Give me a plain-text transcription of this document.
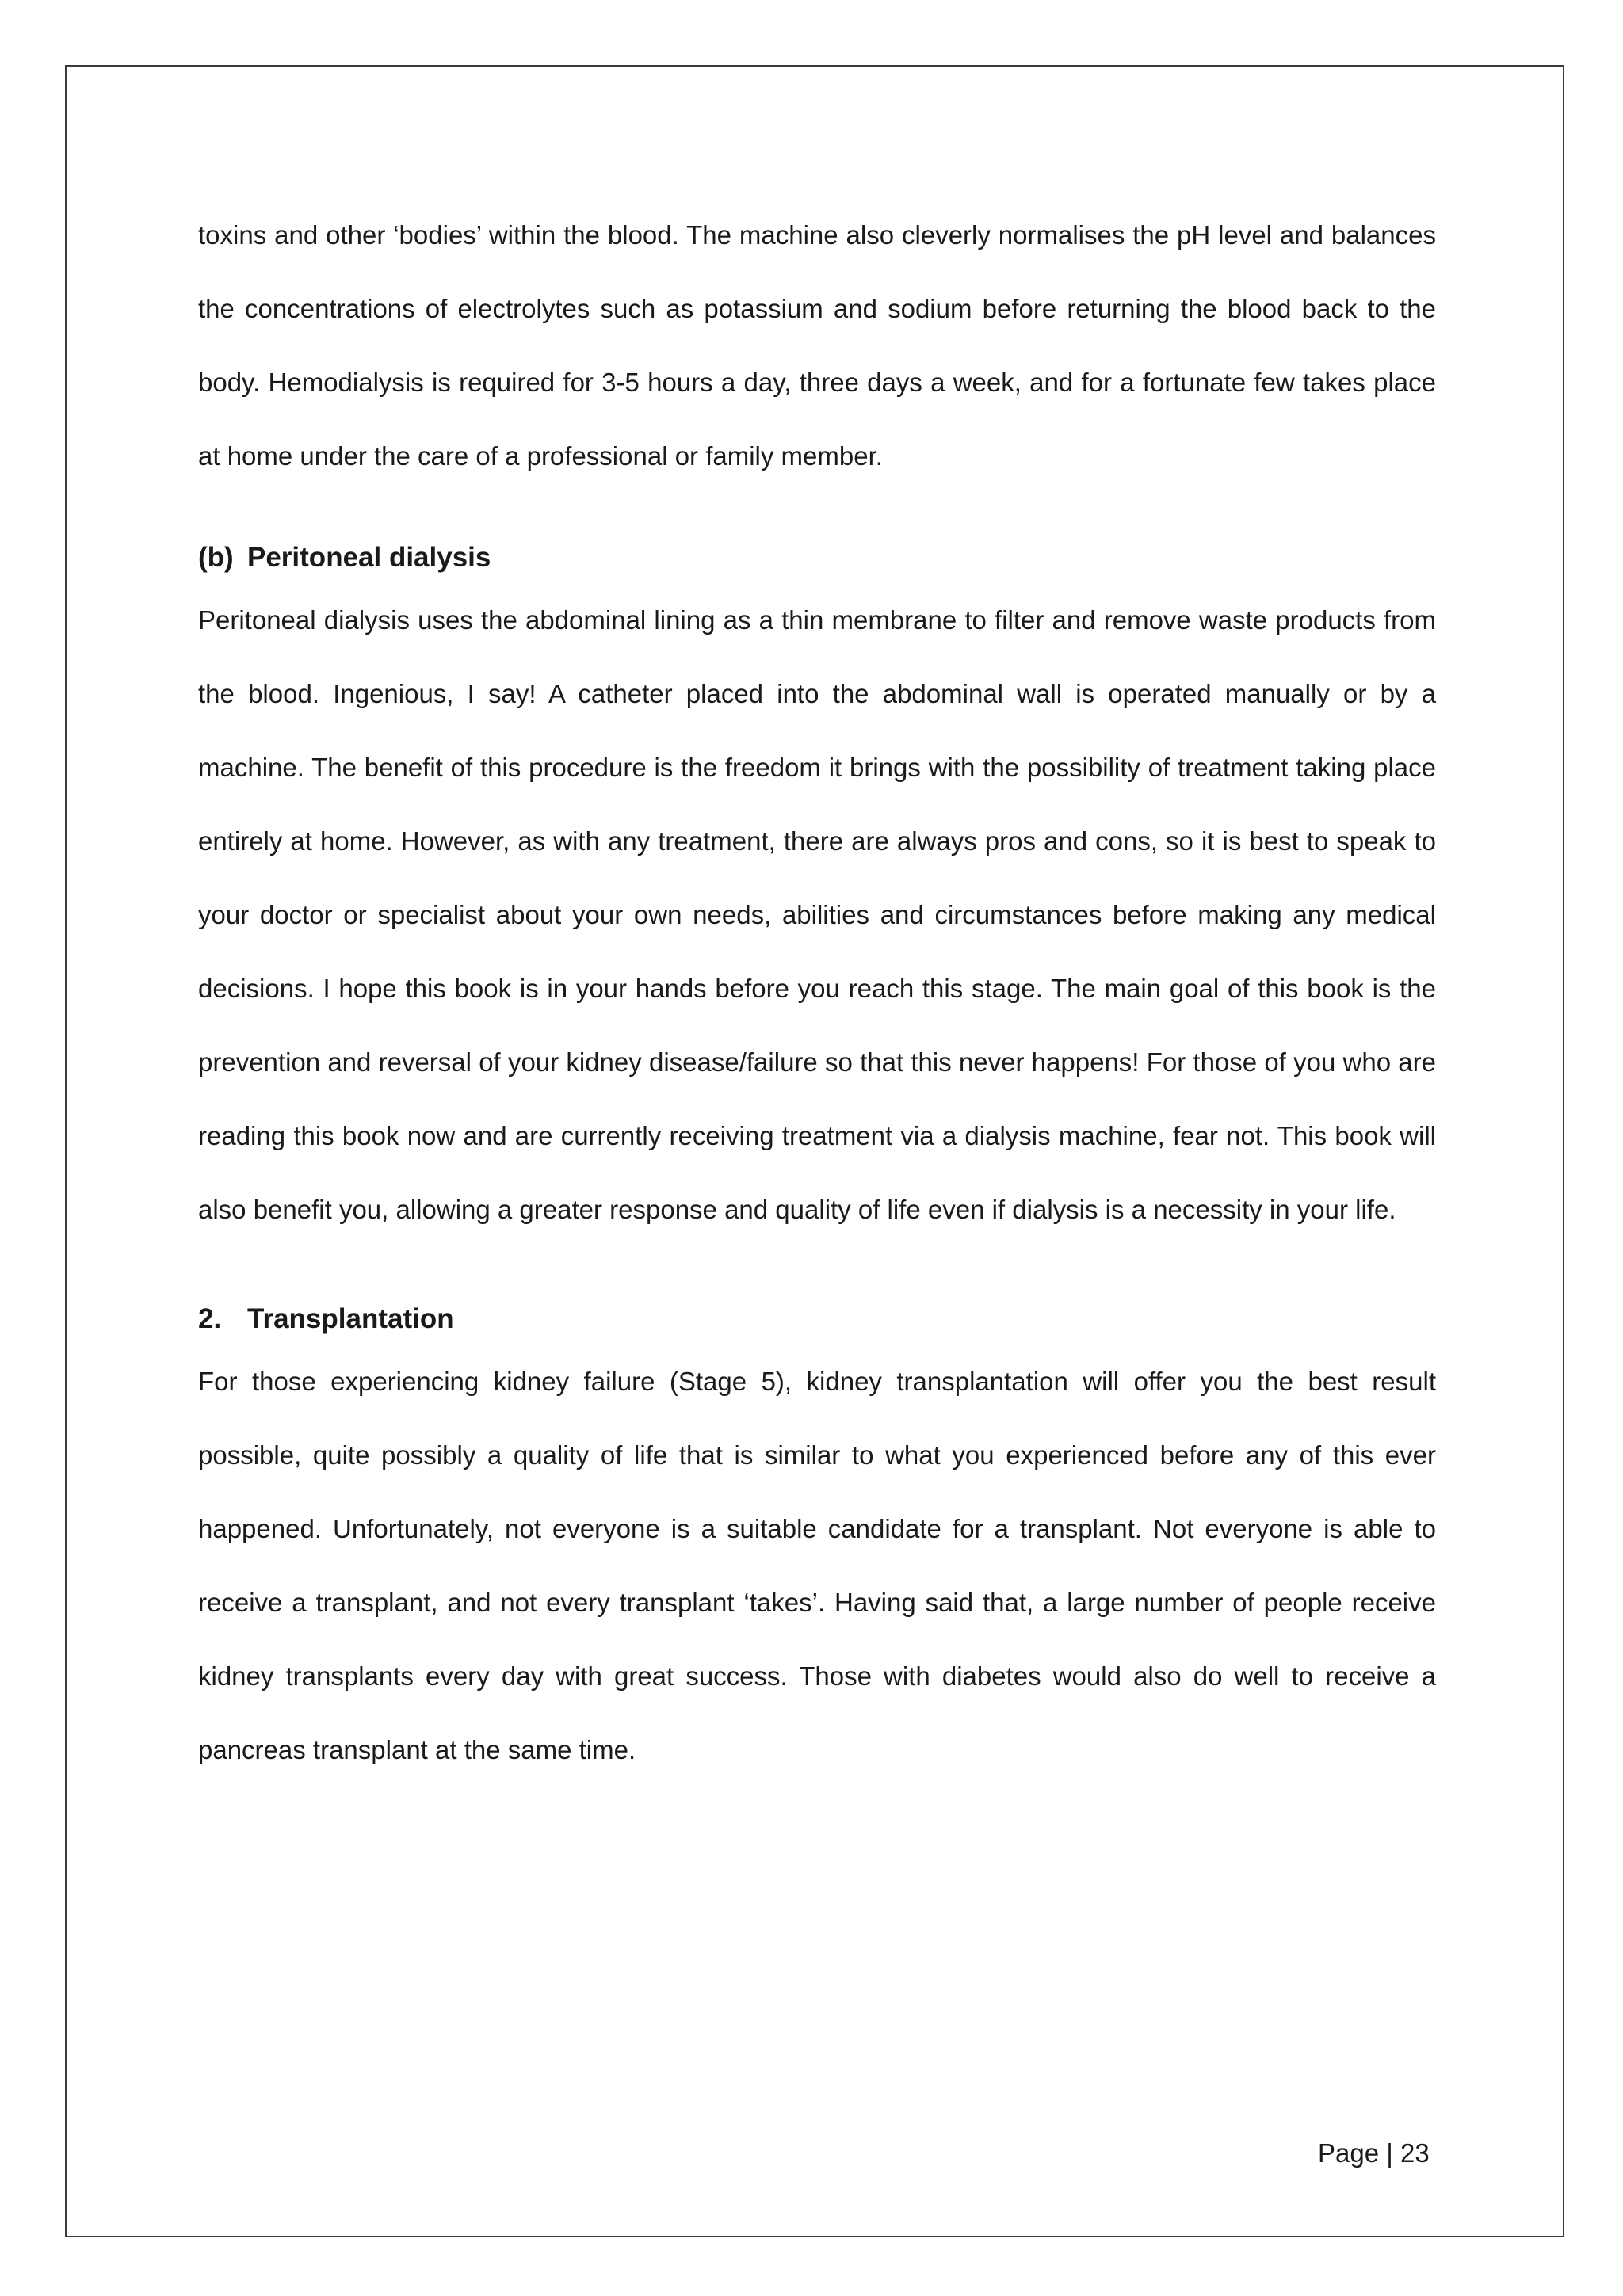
toxins and other ‘bodies’ within the blood. The machine also cleverly normalises the pH level and balances the concentrations of electrolytes such as potassium and sodium before returning the blood back to the body. Hemodialysis is required for 3-5 hours a day, three days a week, and for a fortunate few takes place at home under the care of a professional or family member.

(b) Peritoneal dialysis

Peritoneal dialysis uses the abdominal lining as a thin membrane to filter and remove waste products from the blood. Ingenious, I say! A catheter placed into the abdominal wall is operated manually or by a machine. The benefit of this procedure is the freedom it brings with the possibility of treatment taking place entirely at home. However, as with any treatment, there are always pros and cons, so it is best to speak to your doctor or specialist about your own needs, abilities and circumstances before making any medical decisions. I hope this book is in your hands before you reach this stage. The main goal of this book is the prevention and reversal of your kidney disease/failure so that this never happens! For those of you who are reading this book now and are currently receiving treatment via a dialysis machine, fear not. This book will also benefit you, allowing a greater response and quality of life even if dialysis is a necessity in your life.

2. Transplantation

For those experiencing kidney failure (Stage 5), kidney transplantation will offer you the best result possible, quite possibly a quality of life that is similar to what you experienced before any of this ever happened. Unfortunately, not everyone is a suitable candidate for a transplant. Not everyone is able to receive a transplant, and not every transplant ‘takes’. Having said that, a large number of people receive kidney transplants every day with great success. Those with diabetes would also do well to receive a pancreas transplant at the same time.

Page | 23
